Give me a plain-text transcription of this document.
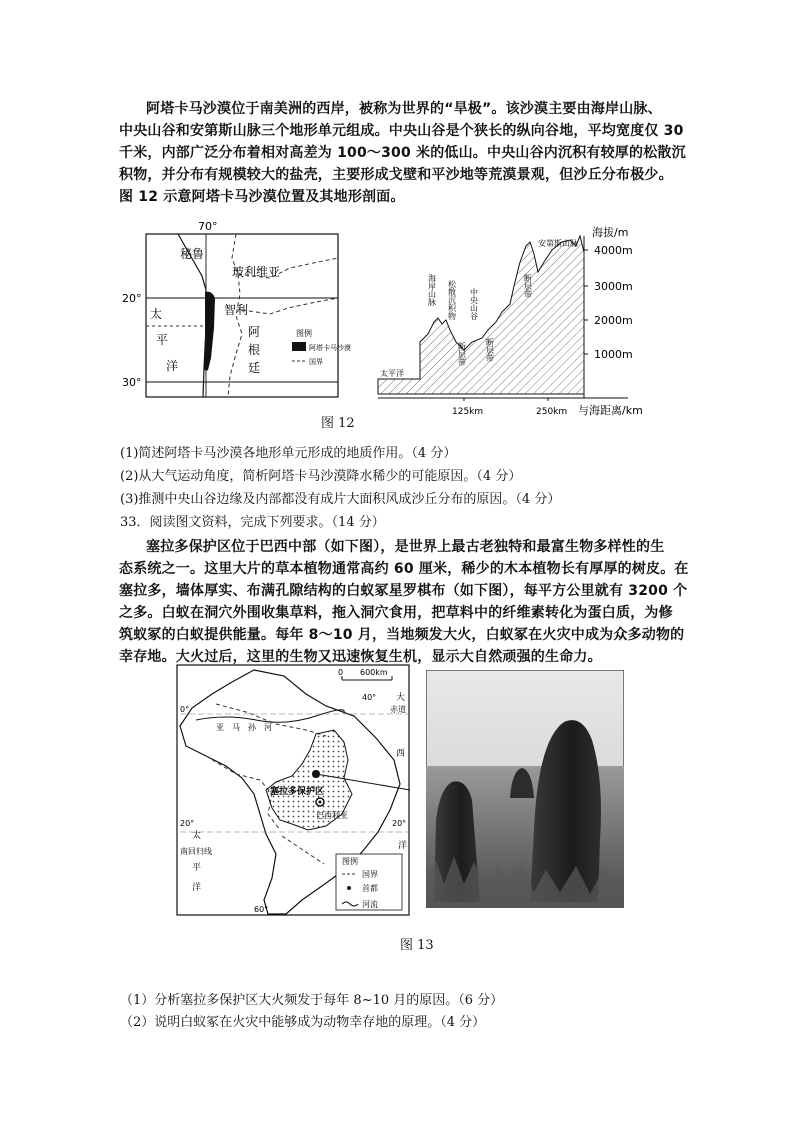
阿塔卡马沙漠位于南美洲的西岸，被称为世界的“旱极”。该沙漠主要由海岸山脉、
中央山谷和安第斯山脉三个地形单元组成。中央山谷是个狭长的纵向谷地，平均宽度仅 30
千米，内部广泛分布着相对高差为 100～300 米的低山。中央山谷内沉积有较厚的松散沉
积物，并分布有规模较大的盐壳，主要形成戈壁和平沙地等荒漠景观，但沙丘分布极少。
图 12 示意阿塔卡马沙漠位置及其地形剖面。
70°
20°
30°
秘鲁
玻利维亚
智利
太
平
洋
阿
根
廷
图例
阿塔卡马沙漠
国界
海拔/m
4000m
3000m
2000m
1000m
125km	250km 与海距离/km
太平洋
安第斯山脉
海岸山脉 松散沉积物 中央山谷
断层带 断层带
断层带
图 12
(1)简述阿塔卡马沙漠各地形单元形成的地质作用。（4 分）
(2)从大气运动角度，简析阿塔卡马沙漠降水稀少的可能原因。（4 分）
(3)推测中央山谷边缘及内部都没有成片大面积风成沙丘分布的原因。（4 分）
33．阅读图文资料，完成下列要求。（14 分）
塞拉多保护区位于巴西中部（如下图），是世界上最古老独特和最富生物多样性的生
态系统之一。这里大片的草本植物通常高约 60 厘米，稀少的木本植物长有厚厚的树皮。在
塞拉多，墙体厚实、布满孔隙结构的白蚁冢星罗棋布（如下图），每平方公里就有 3200 个
之多。白蚁在洞穴外围收集草料，拖入洞穴食用，把草料中的纤维素转化为蛋白质，为修
筑蚁冢的白蚁提供能量。每年 8～10 月，当地频发大火，白蚁冢在火灾中成为众多动物的
幸存地。大火过后，这里的生物又迅速恢复生机，显示大自然顽强的生命力。
0 600km
40°
60°
0°
20°	20°
大
赤道
亚　马　孙　河
西
洋
塞拉多保护区
巴西利亚
太
南回归线
平
洋
图例
国界
首都
河流
图 13
（1）分析塞拉多保护区大火频发于每年 8~10 月的原因。（6 分）
（2）说明白蚁冢在火灾中能够成为动物幸存地的原理。（4 分）
